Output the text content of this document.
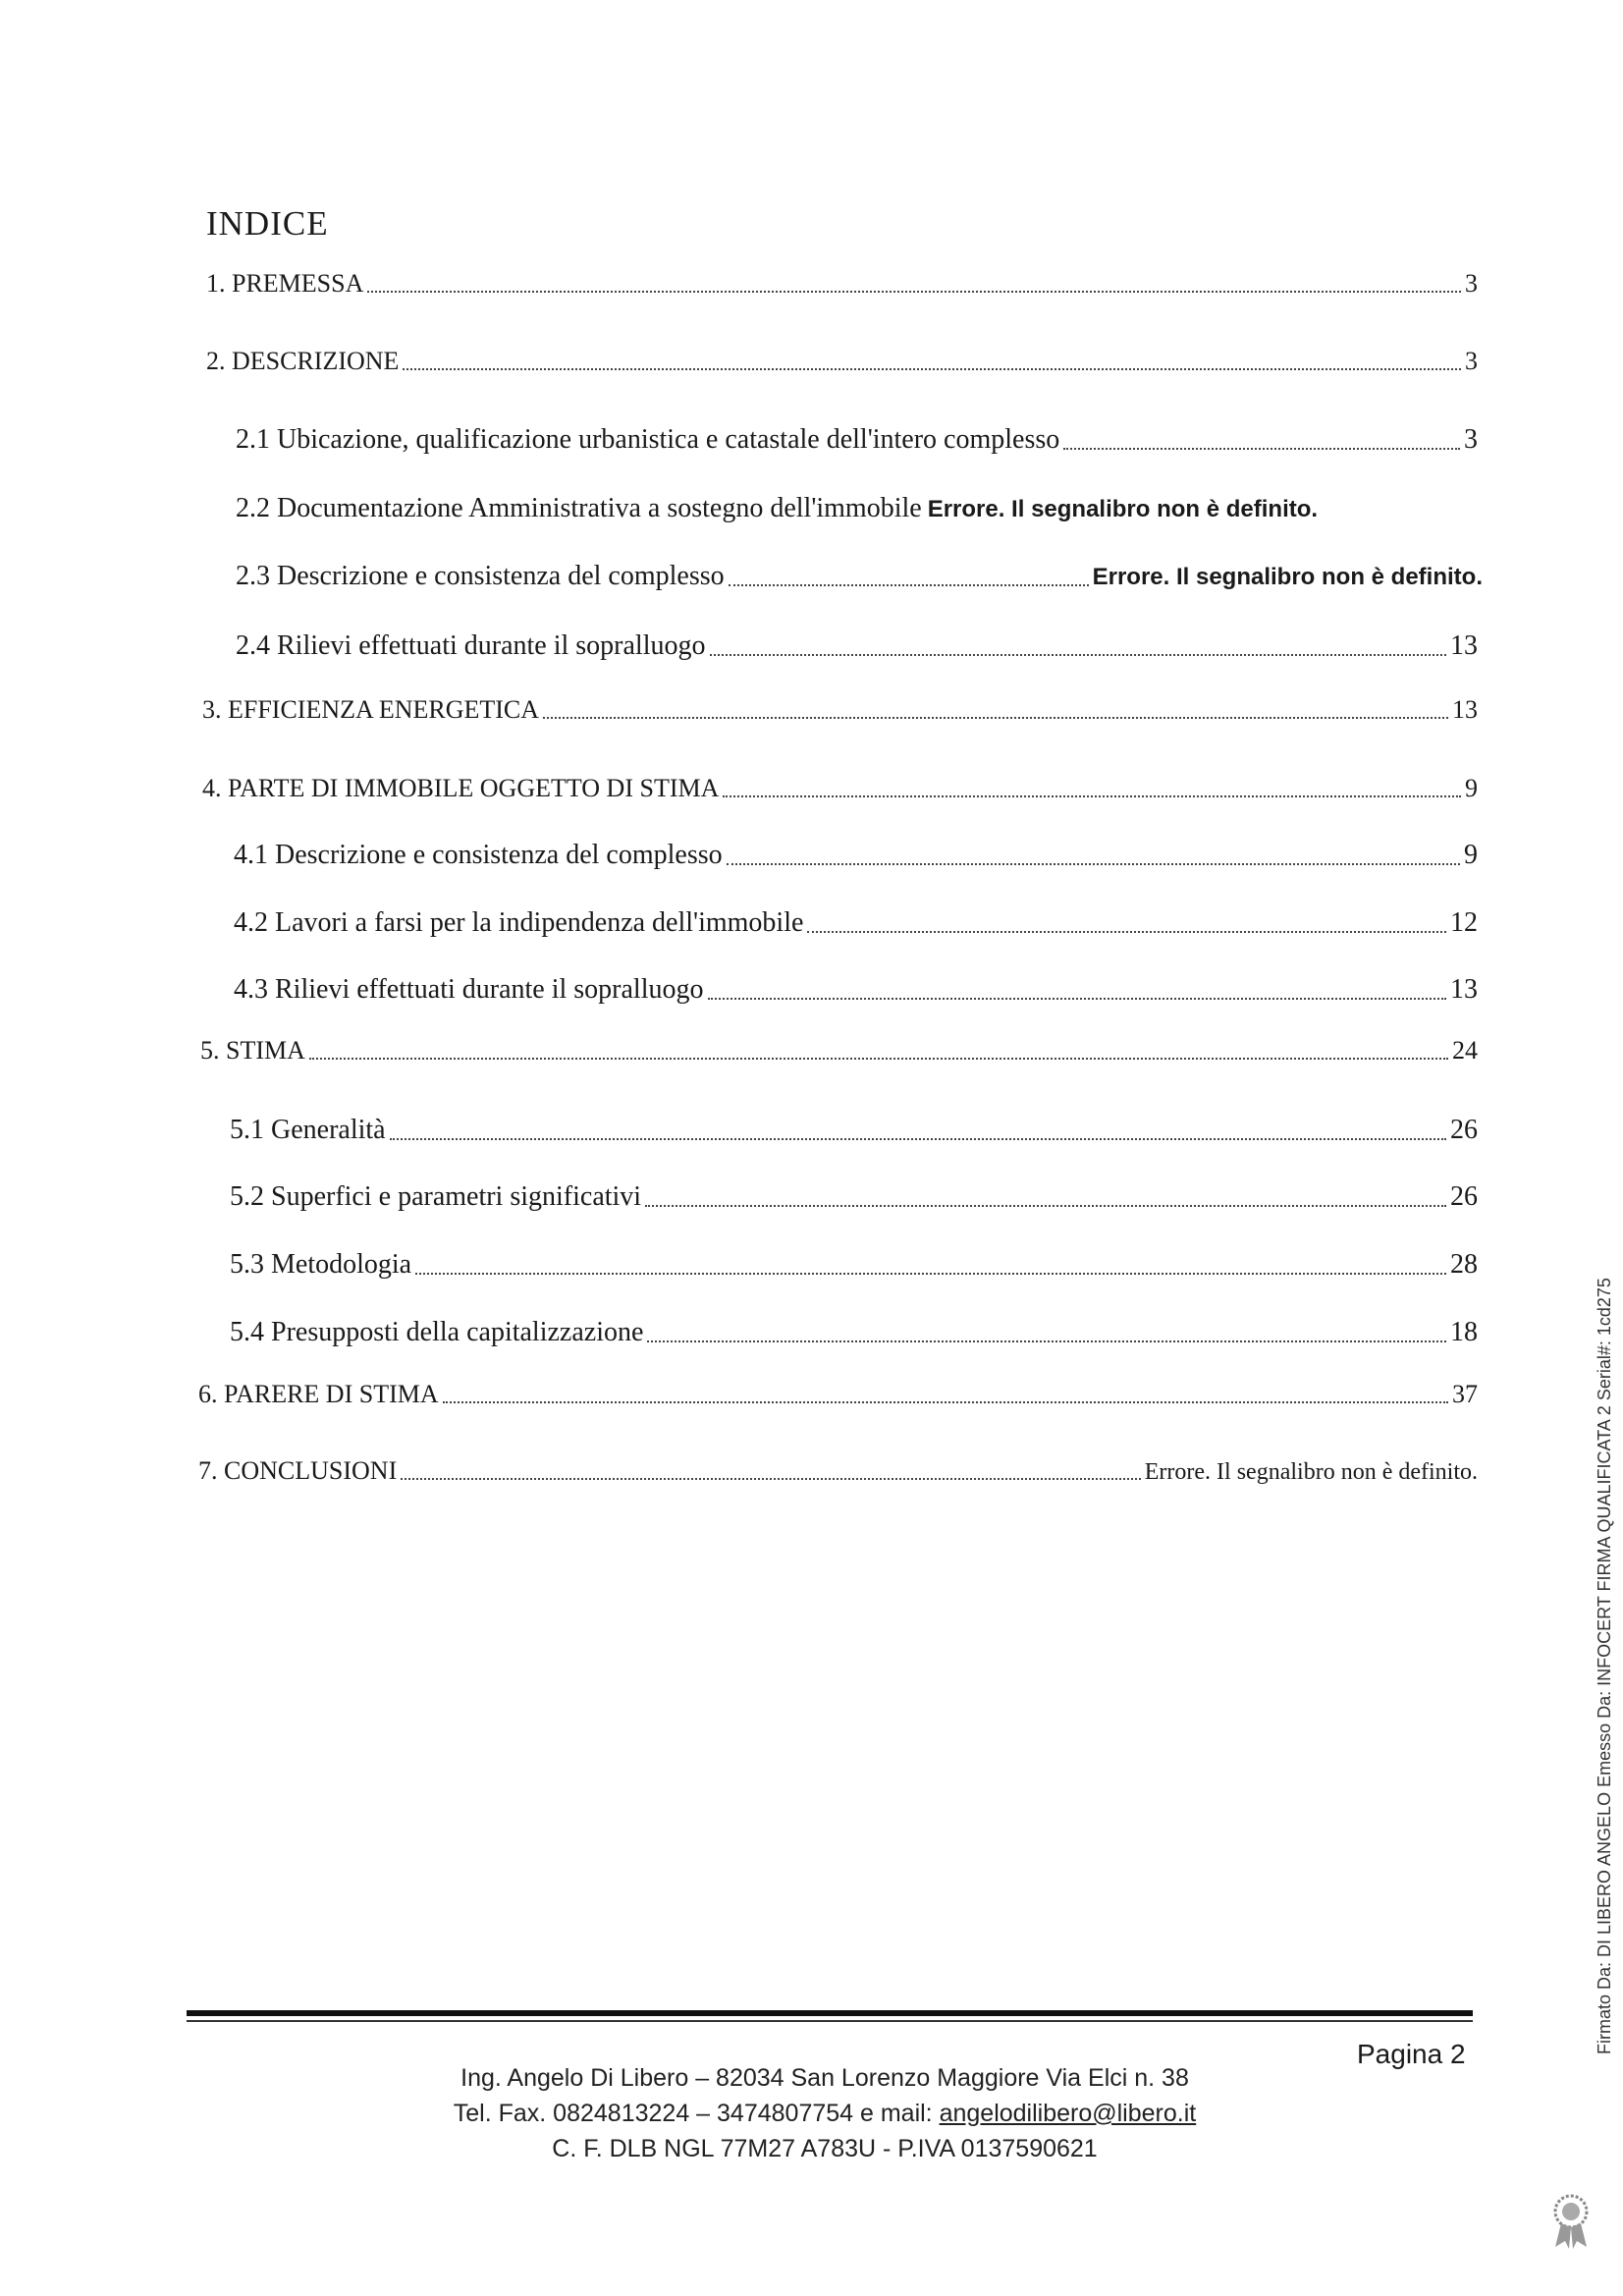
INDICE
1. PREMESSA	3
2. DESCRIZIONE	3
2.1 Ubicazione, qualificazione urbanistica e catastale dell'intero complesso	3
2.2 Documentazione Amministrativa a sostegno dell'immobile Errore. Il segnalibro non è definito.
2.3 Descrizione e consistenza del complesso	Errore. Il segnalibro non è definito.
2.4 Rilievi effettuati durante il sopralluogo	13
3. EFFICIENZA ENERGETICA	13
4. PARTE DI IMMOBILE OGGETTO DI STIMA	9
4.1 Descrizione e consistenza del complesso	9
4.2 Lavori a farsi per la indipendenza dell'immobile	12
4.3 Rilievi effettuati durante il sopralluogo	13
5. STIMA	24
5.1 Generalità	26
5.2 Superfici e parametri significativi	26
5.3 Metodologia	28
5.4 Presupposti della capitalizzazione	18
6. PARERE DI STIMA	37
7. CONCLUSIONI	Errore. Il segnalibro non è definito.
Pagina 2
Ing. Angelo Di Libero – 82034 San Lorenzo Maggiore Via Elci n. 38
Tel. Fax. 0824813224 – 3474807754 e mail: angelodilibero@libero.it
C. F. DLB NGL 77M27 A783U - P.IVA 0137590621
Firmato Da: DI LIBERO ANGELO Emesso Da: INFOCERT FIRMA QUALIFICATA 2 Serial#: 1cd275
